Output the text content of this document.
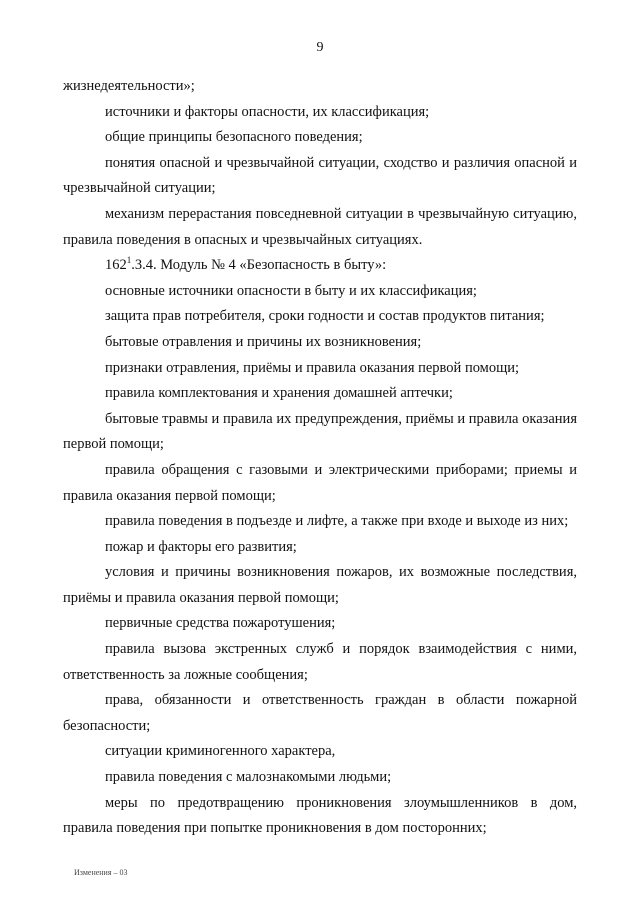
9

жизнедеятельности»;

источники и факторы опасности, их классификация;

общие принципы безопасного поведения;

понятия опасной и чрезвычайной ситуации, сходство и различия опасной и чрезвычайной ситуации;

механизм перерастания повседневной ситуации в чрезвычайную ситуацию, правила поведения в опасных и чрезвычайных ситуациях.

$162^1.3.4$. Модуль № 4 «Безопасность в быту»:

основные источники опасности в быту и их классификация;

защита прав потребителя, сроки годности и состав продуктов питания;

бытовые отравления и причины их возникновения;

признаки отравления, приёмы и правила оказания первой помощи;

правила комплектования и хранения домашней аптечки;

бытовые травмы и правила их предупреждения, приёмы и правила оказания первой помощи;

правила обращения с газовыми и электрическими приборами; приемы и правила оказания первой помощи;

правила поведения в подъезде и лифте, а также при входе и выходе из них;

пожар и факторы его развития;

условия и причины возникновения пожаров, их возможные последствия, приёмы и правила оказания первой помощи;

первичные средства пожаротушения;

правила вызова экстренных служб и порядок взаимодействия с ними, ответственность за ложные сообщения;

права, обязанности и ответственность граждан в области пожарной безопасности;

ситуации криминогенного характера,

правила поведения с малознакомыми людьми;

меры по предотвращению проникновения злоумышленников в дом, правила поведения при попытке проникновения в дом посторонних;

Изменения – 03
